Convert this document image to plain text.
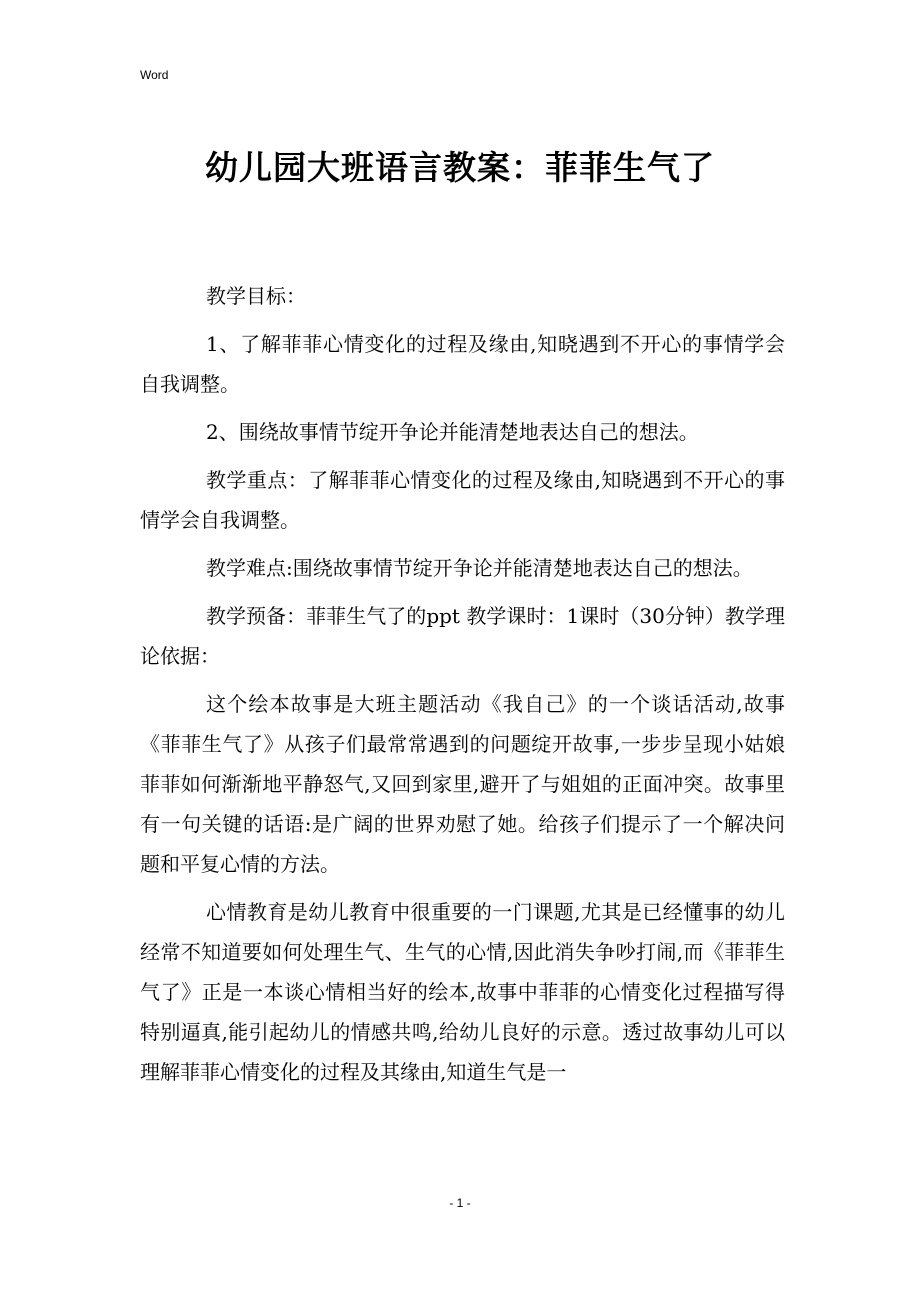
Word
幼儿园大班语言教案：菲菲生气了

教学目标：

1、了解菲菲心情变化的过程及缘由,知晓遇到不开心的事情学会自我调整。

2、围绕故事情节绽开争论并能清楚地表达自己的想法。

教学重点：了解菲菲心情变化的过程及缘由,知晓遇到不开心的事情学会自我调整。

教学难点:围绕故事情节绽开争论并能清楚地表达自己的想法。

教学预备：菲菲生气了的ppt 教学课时：1课时（30分钟）教学理论依据：

这个绘本故事是大班主题活动《我自己》的一个谈话活动,故事《菲菲生气了》从孩子们最常常遇到的问题绽开故事,一步步呈现小姑娘菲菲如何渐渐地平静怒气,又回到家里,避开了与姐姐的正面冲突。故事里有一句关键的话语:是广阔的世界劝慰了她。给孩子们提示了一个解决问题和平复心情的方法。

心情教育是幼儿教育中很重要的一门课题,尤其是已经懂事的幼儿经常不知道要如何处理生气、生气的心情,因此消失争吵打闹,而《菲菲生气了》正是一本谈心情相当好的绘本,故事中菲菲的心情变化过程描写得特别逼真,能引起幼儿的情感共鸣,给幼儿良好的示意。透过故事幼儿可以理解菲菲心情变化的过程及其缘由,知道生气是一

- 1 -
